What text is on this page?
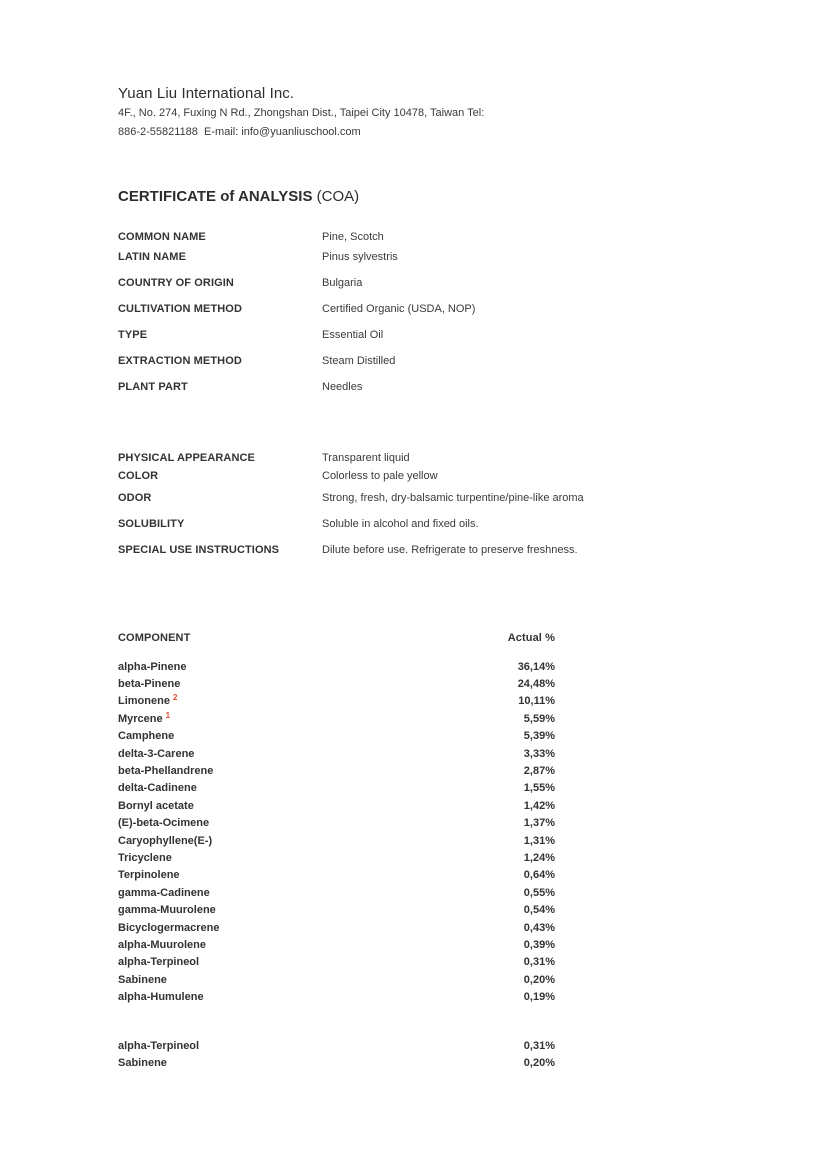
Yuan Liu International Inc.
4F., No. 274, Fuxing N Rd., Zhongshan Dist., Taipei City 10478, Taiwan Tel:
886-2-55821188  E-mail: info@yuanliuschool.com
CERTIFICATE of ANALYSIS (COA)
COMMON NAME	Pine, Scotch
LATIN NAME	Pinus sylvestris
COUNTRY OF ORIGIN	Bulgaria
CULTIVATION METHOD	Certified Organic (USDA, NOP)
TYPE	Essential Oil
EXTRACTION METHOD	Steam Distilled
PLANT PART	Needles
PHYSICAL APPEARANCE	Transparent liquid
COLOR	Colorless to pale yellow
ODOR	Strong, fresh, dry-balsamic turpentine/pine-like aroma
SOLUBILITY	Soluble in alcohol and fixed oils.
SPECIAL USE INSTRUCTIONS	Dilute before use. Refrigerate to preserve freshness.
COMPONENT	Actual %
alpha-Pinene	36,14%
beta-Pinene	24,48%
Limonene $^2$	10,11%
Myrcene $^1$	5,59%
Camphene	5,39%
delta-3-Carene	3,33%
beta-Phellandrene	2,87%
delta-Cadinene	1,55%
Bornyl acetate	1,42%
(E)-beta-Ocimene	1,37%
Caryophyllene(E-)	1,31%
Tricyclene	1,24%
Terpinolene	0,64%
gamma-Cadinene	0,55%
gamma-Muurolene	0,54%
Bicyclogermacrene	0,43%
alpha-Muurolene	0,39%
alpha-Terpineol	0,31%
Sabinene	0,20%
alpha-Humulene	0,19%
alpha-Terpineol	0,31%
Sabinene	0,20%
